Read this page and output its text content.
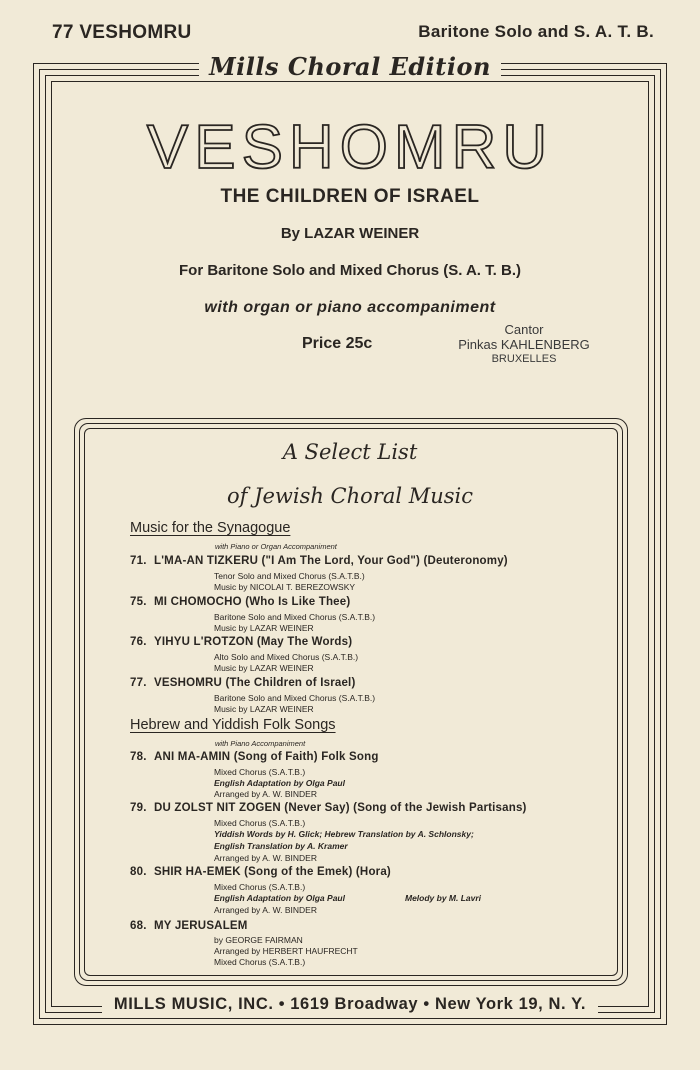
77 VESHOMRU	Baritone Solo and S. A. T. B.
Mills Choral Edition
VESHOMRU
THE CHILDREN OF ISRAEL
By LAZAR WEINER
For Baritone Solo and Mixed Chorus (S. A. T. B.)
with organ or piano accompaniment
Price 25c
Cantor
Pinkas KAHLENBERG
BRUXELLES
A Select List
of Jewish Choral Music
Music for the Synagogue
with Piano or Organ Accompaniment
71. L'MA-AN TIZKERU ("I Am The Lord, Your God") (Deuteronomy)
Tenor Solo and Mixed Chorus (S.A.T.B.)
Music by NICOLAI T. BEREZOWSKY
75. MI CHOMOCHO (Who Is Like Thee)
Baritone Solo and Mixed Chorus (S.A.T.B.)
Music by LAZAR WEINER
76. YIHYU L'ROTZON (May The Words)
Alto Solo and Mixed Chorus (S.A.T.B.)
Music by LAZAR WEINER
77. VESHOMRU (The Children of Israel)
Baritone Solo and Mixed Chorus (S.A.T.B.)
Music by LAZAR WEINER
Hebrew and Yiddish Folk Songs
with Piano Accompaniment
78. ANI MA-AMIN (Song of Faith) Folk Song
Mixed Chorus (S.A.T.B.)
English Adaptation by Olga Paul
Arranged by A. W. BINDER
79. DU ZOLST NIT ZOGEN (Never Say) (Song of the Jewish Partisans)
Mixed Chorus (S.A.T.B.)
Yiddish Words by H. Glick; Hebrew Translation by A. Schlonsky;
English Translation by A. Kramer
Arranged by A. W. BINDER
80. SHIR HA-EMEK (Song of the Emek) (Hora)
Mixed Chorus (S.A.T.B.)
English Adaptation by Olga Paul	Melody by M. Lavri
Arranged by A. W. BINDER
68. MY JERUSALEM
by GEORGE FAIRMAN
Arranged by HERBERT HAUFRECHT
Mixed Chorus (S.A.T.B.)
MILLS MUSIC, INC. • 1619 Broadway • New York 19, N. Y.
